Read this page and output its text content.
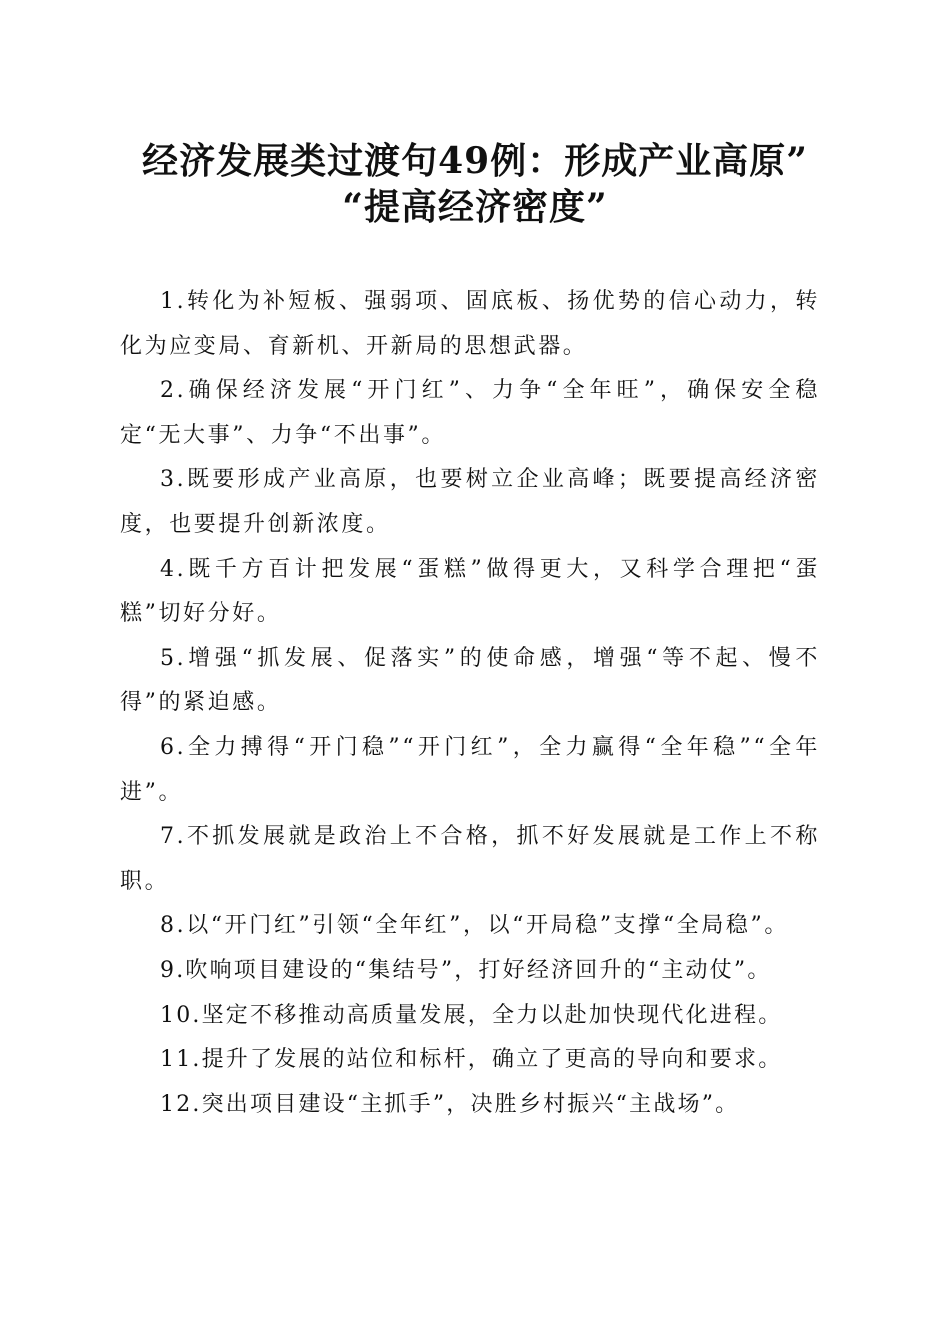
经济发展类过渡句49例：形成产业高原”
“提高经济密度”

1.转化为补短板、强弱项、固底板、扬优势的信心动力，转化为应变局、育新机、开新局的思想武器。

2.确保经济发展“开门红”、力争“全年旺”，确保安全稳定“无大事”、力争“不出事”。

3.既要形成产业高原，也要树立企业高峰；既要提高经济密度，也要提升创新浓度。

4.既千方百计把发展“蛋糕”做得更大，又科学合理把“蛋糕”切好分好。

5.增强“抓发展、促落实”的使命感，增强“等不起、慢不得”的紧迫感。

6.全力搏得“开门稳”“开门红”，全力赢得“全年稳”“全年进”。

7.不抓发展就是政治上不合格，抓不好发展就是工作上不称职。

8.以“开门红”引领“全年红”，以“开局稳”支撑“全局稳”。

9.吹响项目建设的“集结号”，打好经济回升的“主动仗”。

10.坚定不移推动高质量发展，全力以赴加快现代化进程。

11.提升了发展的站位和标杆，确立了更高的导向和要求。

12.突出项目建设“主抓手”，决胜乡村振兴“主战场”。
